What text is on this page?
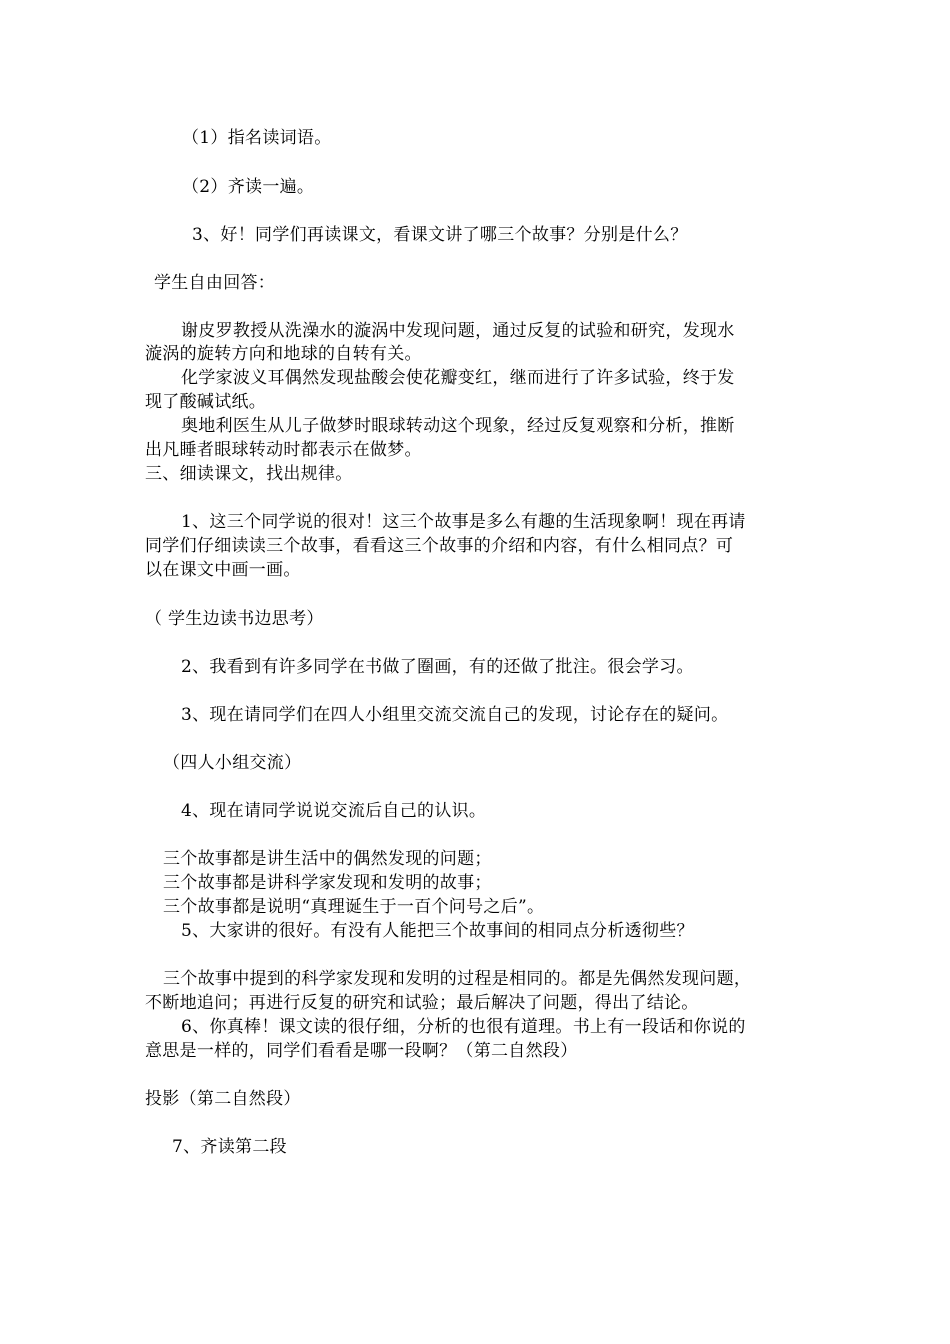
（1）指名读词语。
（2）齐读一遍。
3、好！同学们再读课文，看课文讲了哪三个故事？分别是什么？
学生自由回答：
谢皮罗教授从洗澡水的漩涡中发现问题，通过反复的试验和研究，发现水
漩涡的旋转方向和地球的自转有关。
化学家波义耳偶然发现盐酸会使花瓣变红，继而进行了许多试验，终于发
现了酸碱试纸。
奥地利医生从儿子做梦时眼球转动这个现象，经过反复观察和分析，推断
出凡睡者眼球转动时都表示在做梦。
三、细读课文，找出规律。
1、这三个同学说的很对！这三个故事是多么有趣的生活现象啊！现在再请
同学们仔细读读三个故事，看看这三个故事的介绍和内容，有什么相同点？可
以在课文中画一画。
（ 学生边读书边思考）
2、我看到有许多同学在书做了圈画，有的还做了批注。很会学习。
3、现在请同学们在四人小组里交流交流自己的发现，讨论存在的疑问。
（四人小组交流）
4、现在请同学说说交流后自己的认识。
三个故事都是讲生活中的偶然发现的问题；
三个故事都是讲科学家发现和发明的故事；
三个故事都是说明“真理诞生于一百个问号之后”。
5、大家讲的很好。有没有人能把三个故事间的相同点分析透彻些？
三个故事中提到的科学家发现和发明的过程是相同的。都是先偶然发现问题，
不断地追问；再进行反复的研究和试验；最后解决了问题，得出了结论。
6、你真棒！课文读的很仔细，分析的也很有道理。书上有一段话和你说的
意思是一样的，同学们看看是哪一段啊？（第二自然段）
投影（第二自然段）
7、齐读第二段
